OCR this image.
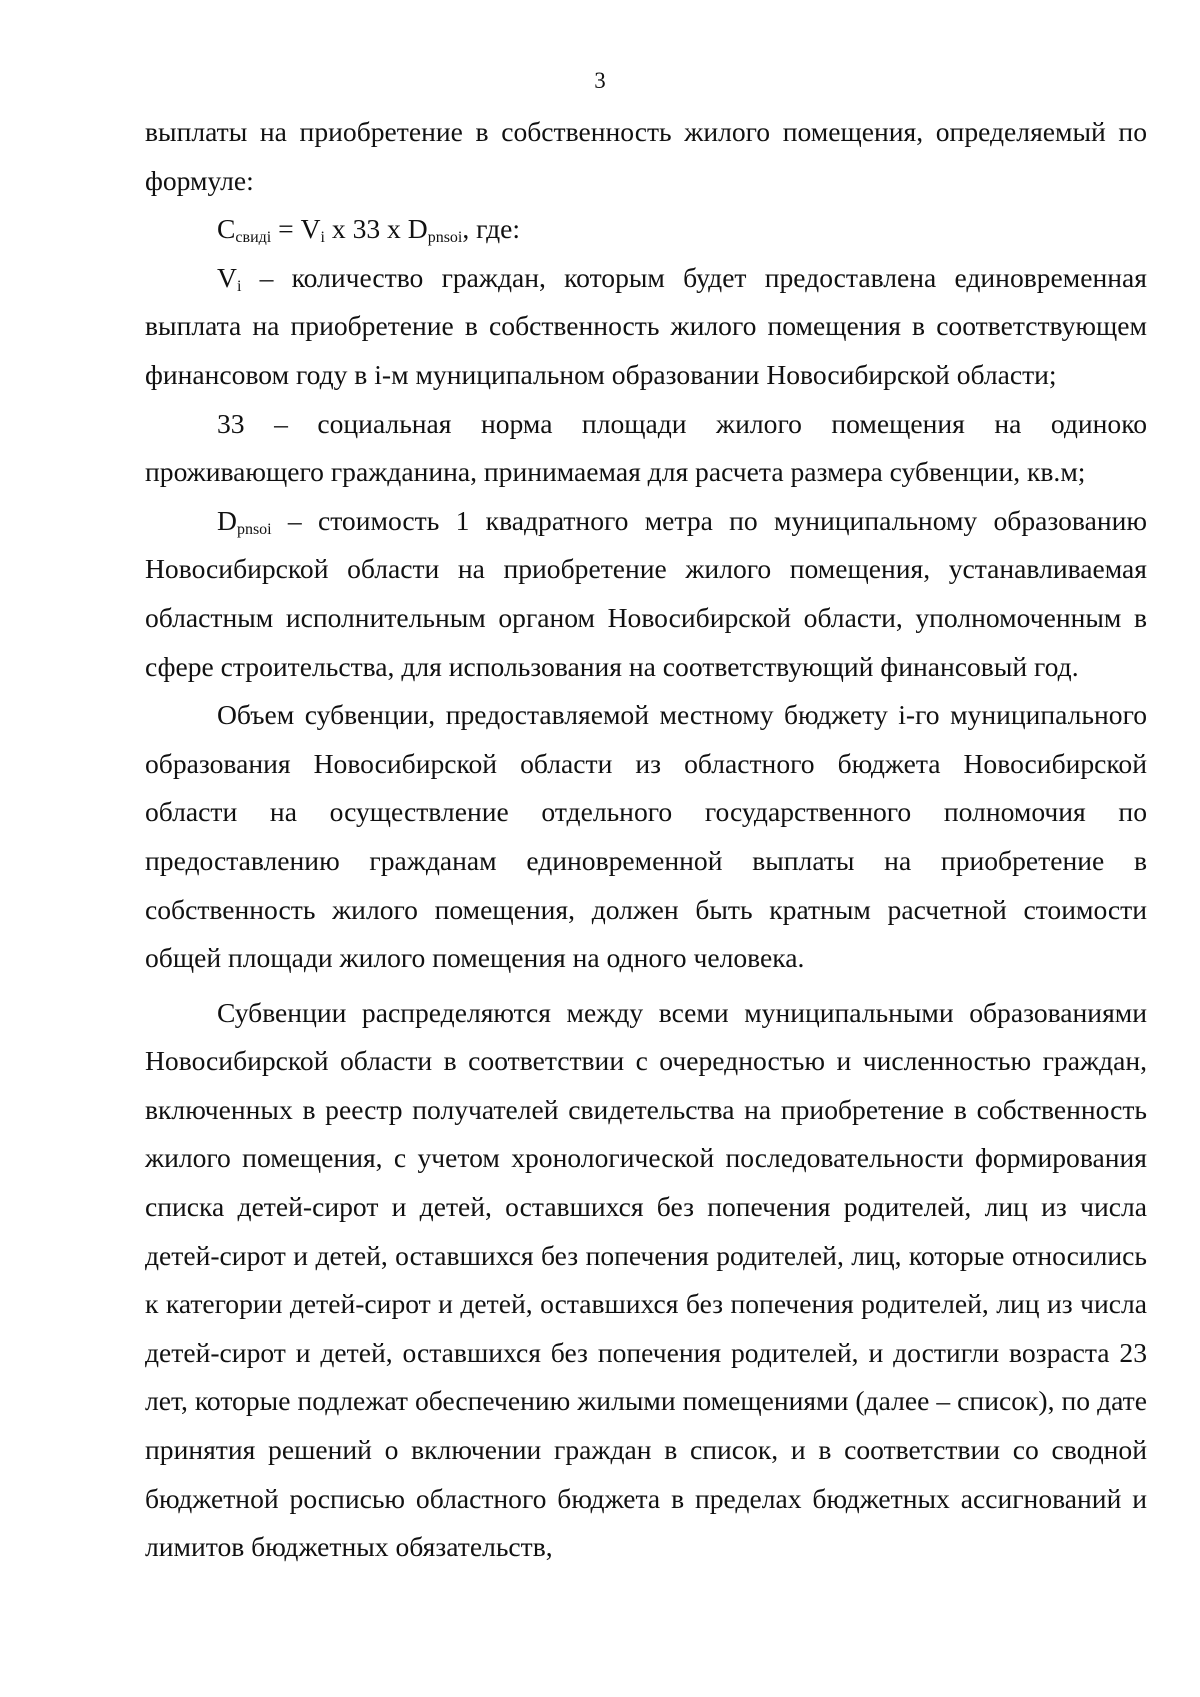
3

выплаты на приобретение в собственность жилого помещения, определяемый по формуле:

$C_{свиді} = V_i$ х 33 х $D_{pnsoi}$, где:

$V_i$ – количество граждан, которым будет предоставлена единовременная выплата на приобретение в собственность жилого помещения в соответствующем финансовом году в i-м муниципальном образовании Новосибирской области;

33 – социальная норма площади жилого помещения на одиноко проживающего гражданина, принимаемая для расчета размера субвенции, кв.м;

$D_{pnsoi}$ – стоимость 1 квадратного метра по муниципальному образованию Новосибирской области на приобретение жилого помещения, устанавливаемая областным исполнительным органом Новосибирской области, уполномоченным в сфере строительства, для использования на соответствующий финансовый год.

Объем субвенции, предоставляемой местному бюджету i-го муниципального образования Новосибирской области из областного бюджета Новосибирской области на осуществление отдельного государственного полномочия по предоставлению гражданам единовременной выплаты на приобретение в собственность жилого помещения, должен быть кратным расчетной стоимости общей площади жилого помещения на одного человека.

Субвенции распределяются между всеми муниципальными образованиями Новосибирской области в соответствии с очередностью и численностью граждан, включенных в реестр получателей свидетельства на приобретение в собственность жилого помещения, с учетом хронологической последовательности формирования списка детей-сирот и детей, оставшихся без попечения родителей, лиц из числа детей-сирот и детей, оставшихся без попечения родителей, лиц, которые относились к категории детей-сирот и детей, оставшихся без попечения родителей, лиц из числа детей-сирот и детей, оставшихся без попечения родителей, и достигли возраста 23 лет, которые подлежат обеспечению жилыми помещениями (далее – список), по дате принятия решений о включении граждан в список, и в соответствии со сводной бюджетной росписью областного бюджета в пределах бюджетных ассигнований и лимитов бюджетных обязательств,
